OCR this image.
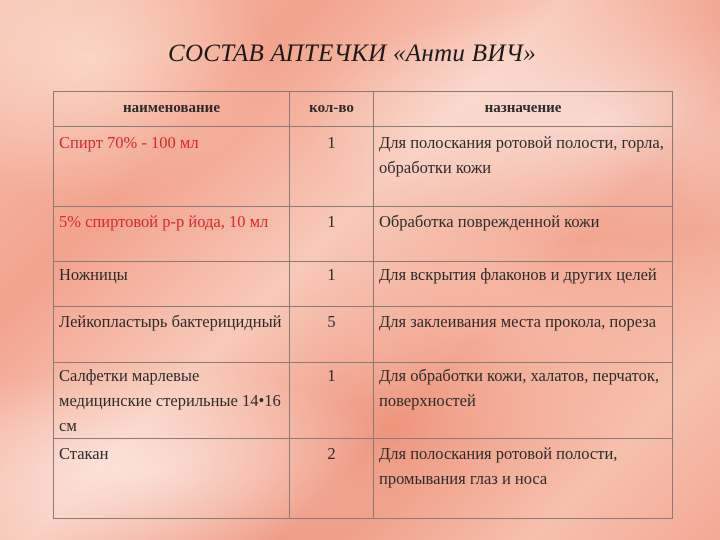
СОСТАВ АПТЕЧКИ «Анти ВИЧ»
наименование	кол-во	назначение
Спирт 70% - 100 мл	1	Для полоскания ротовой полости, горла, обработки кожи
5% спиртовой р-р йода, 10 мл	1	Обработка поврежденной кожи
Ножницы	1	Для вскрытия флаконов и других целей
Лейкопластырь бактерицидный	5	Для заклеивания места прокола, пореза
Салфетки марлевые медицинские стерильные 14•16 см	1	Для обработки кожи, халатов, перчаток, поверхностей
Стакан	2	Для полоскания ротовой полости, промывания глаз и носа
